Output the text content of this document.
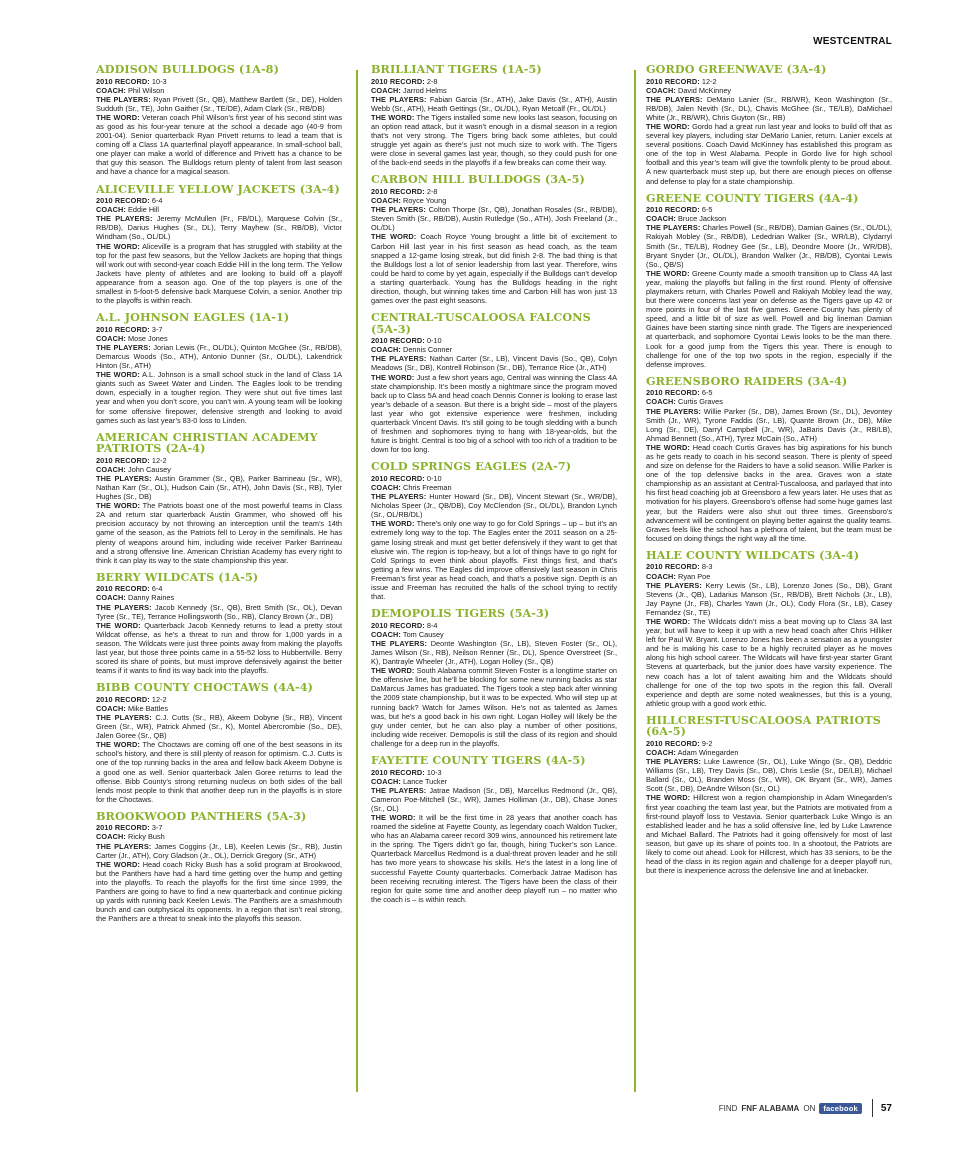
WESTCENTRAL
ADDISON BULLDOGS (1A-8)

2010 RECORD: 10-3

COACH: Phil Wilson

THE PLAYERS: Ryan Privett (Sr., QB), Matthew Bartlett (Sr., DE), Holden Sudduth (Sr., TE), John Gaither (Sr., TE/DE), Adam Clark (Sr., RB/DB)

THE WORD: Veteran coach Phil Wilson’s first year of his second stint was as good as his four-year tenure at the school a decade ago (40-9 from 2001-04). Senior quarterback Ryan Privett returns to lead a team that is coming off a Class 1A quarterfinal playoff appearance. In small-school ball, one player can make a world of difference and Privett has a chance to be that guy this season. The Bulldogs return plenty of talent from last season and have a chance for a magical season.

ALICEVILLE YELLOW JACKETS (3A-4)

2010 RECORD: 6-4

COACH: Eddie Hill

THE PLAYERS: Jeremy McMullen (Fr., FB/DL), Marquese Colvin (Sr., RB/DB), Darius Hughes (Sr., DL), Terry Mayhew (Sr., RB/DB), Victor Windham (So., OL/DL)

THE WORD: Aliceville is a program that has struggled with stability at the top for the past few seasons, but the Yellow Jackets are hoping that things will work out with second-year coach Eddie Hill in the long term. The Yellow Jackets have plenty of athletes and are looking to build off a playoff appearance from a season ago. One of the top players is one of the smallest in 5-foot-5 defensive back Marquese Colvin, a senior. Another trip to the playoffs is within reach.

A.L. JOHNSON EAGLES (1A-1)

2010 RECORD: 3-7

COACH: Mose Jones

THE PLAYERS: Jorian Lewis (Fr., OL/DL), Quinton McGhee (Sr., RB/DB), Demarcus Woods (So., ATH), Antonio Dunner (Sr., OL/DL), Lakendrick Hinton (Sr., ATH)

THE WORD: A.L. Johnson is a small school stuck in the land of Class 1A giants such as Sweet Water and Linden. The Eagles look to be trending down, especially in a tougher region. They were shut out five times last year and when you don’t score, you can’t win. A young team will be looking for some offensive firepower, defensive strength and looking to avoid games such as last year’s 83-0 loss to Linden.

AMERICAN CHRISTIAN ACADEMY PATRIOTS (2A-4)

2010 RECORD: 12-2

COACH: John Causey

THE PLAYERS: Austin Grammer (Sr., QB), Parker Barrineau (Sr., WR), Nathan Karr (Sr., OL), Hudson Cain (Sr., ATH), John Davis (Sr., RB), Tyler Hughes (Sr., DB)

THE WORD: The Patriots boast one of the most powerful teams in Class 2A and return star quarterback Austin Grammer, who showed off his precision accuracy by not throwing an interception until the team’s 14th game of the season, as the Patriots fell to Leroy in the semifinals. He has plenty of weapons around him, including wide receiver Parker Barrineau and a strong offensive line. American Christian Academy has every right to think it can play its way to the state championship this year.

BERRY WILDCATS (1A-5)

2010 RECORD: 6-4

COACH: Danny Raines

THE PLAYERS: Jacob Kennedy (Sr., QB), Brett Smith (Sr., OL), Devan Tyree (Sr., TE), Terrance Hollingsworth (So., RB), Clancy Brown (Jr., DB)

THE WORD: Quarterback Jacob Kennedy returns to lead a pretty stout Wildcat offense, as he’s a threat to run and throw for 1,000 yards in a season. The Wildcats were just three points away from making the playoffs last year, but those three points came in a 55-52 loss to Hubbertville. Berry scored its share of points, but must improve defensively against the better teams if it wants to find its way back into the playoffs.

BIBB COUNTY CHOCTAWS (4A-4)

2010 RECORD: 12-2

COACH: Mike Battles

THE PLAYERS: C.J. Cutts (Sr., RB), Akeem Dobyne (Sr., RB), Vincent Green (Sr., WR), Patrick Ahmed (Sr., K), Montel Abercrombie (So., DE), Jalen Goree (Sr., QB)

THE WORD: The Choctaws are coming off one of the best seasons in its school’s history, and there is still plenty of reason for optimism. C.J. Cutts is one of the top running backs in the area and fellow back Akeem Dobyne is a good one as well. Senior quarterback Jalen Goree returns to lead the offense. Bibb County’s strong returning nucleus on both sides of the ball lends most people to think that another deep run in the playoffs is in store for the Choctaws.

BROOKWOOD PANTHERS (5A-3)

2010 RECORD: 3-7

COACH: Ricky Bush

THE PLAYERS: James Coggins (Jr., LB), Keelen Lewis (Sr., RB), Justin Carter (Jr., ATH), Cory Gladson (Jr., OL), Derrick Gregory (Sr., ATH)

THE WORD: Head coach Ricky Bush has a solid program at Brookwood, but the Panthers have had a hard time getting over the hump and getting into the playoffs. To reach the playoffs for the first time since 1999, the Panthers are going to have to find a new quarterback and continue picking up yards with running back Keelen Lewis. The Panthers are a smashmouth bunch and can outphysical its opponents. In a region that isn’t real strong, the Panthers are a threat to sneak into the playoffs this season.

BRILLIANT TIGERS (1A-5)

2010 RECORD: 2-8

COACH: Jarrod Helms

THE PLAYERS: Fabian Garcia (Sr., ATH), Jake Davis (Sr., ATH), Austin Webb (Sr., ATH), Heath Gettings (Sr., OL/DL), Ryan Metcalf (Fr., OL/DL)

THE WORD: The Tigers installed some new looks last season, focusing on an option read attack, but it wasn’t enough in a dismal season in a region that’s not very strong. The Tigers bring back some athletes, but could struggle yet again as there’s just not much size to work with. The Tigers were close in several games last year, though, so they could push for one of the back-end seeds in the playoffs if a few breaks can come their way.

CARBON HILL BULLDOGS (3A-5)

2010 RECORD: 2-8

COACH: Royce Young

THE PLAYERS: Colton Thorpe (Sr., QB), Jonathan Rosales (Sr., RB/DB), Steven Smith (Sr., RB/DB), Austin Rutledge (So., ATH), Josh Freeland (Jr., OL/DL)

THE WORD: Coach Royce Young brought a little bit of excitement to Carbon Hill last year in his first season as head coach, as the team snapped a 12-game losing streak, but did finish 2-8. The bad thing is that the Bulldogs lost a lot of senior leadership from last year. Therefore, wins could be hard to come by yet again, especially if the Bulldogs can’t develop a starting quarterback. Young has the Bulldogs heading in the right direction, though, but winning takes time and Carbon Hill has won just 13 games over the past eight seasons.

CENTRAL-TUSCALOOSA FALCONS (5A-3)

2010 RECORD: 0-10

COACH: Dennis Conner

THE PLAYERS: Nathan Carter (Sr., LB), Vincent Davis (So., QB), Colyn Meadows (Sr., DB), Kontrell Robinson (Sr., DB), Terrance Rice (Jr., ATH)

THE WORD: Just a few short years ago, Central was winning the Class 4A state championship. It’s been mostly a nightmare since the program moved back up to Class 5A and head coach Dennis Conner is looking to erase last year’s debacle of a season. But there is a bright side – most of the players last year who got extensive experience were freshmen, including quarterback Vincent Davis. It’s still going to be tough sledding with a bunch of freshmen and sophomores trying to hang with 18-year-olds, but the future is bright. Central is too big of a school with too rich of a tradition to be down for too long.

COLD SPRINGS EAGLES (2A-7)

2010 RECORD: 0-10

COACH: Chris Freeman

THE PLAYERS: Hunter Howard (Sr., DB), Vincent Stewart (Sr., WR/DB), Nicholas Speer (Jr., QB/DB), Coy McClendon (Sr., OL/DL), Brandon Lynch (Sr., OL/RB/DL)

THE WORD: There’s only one way to go for Cold Springs – up – but it’s an extremely long way to the top. The Eagles enter the 2011 season on a 25-game losing streak and must get better defensively if they want to get that elusive win. The region is top-heavy, but a lot of things have to go right for Cold Springs to even think about playoffs. First things first, and that’s getting a few wins. The Eagles did improve offensively last season in Chris Freeman’s first year as head coach, and that’s a positive sign. Depth is an issue and Freeman has recruited the halls of the school trying to rectify that.

DEMOPOLIS TIGERS (5A-3)

2010 RECORD: 8-4

COACH: Tom Causey

THE PLAYERS: Deonte Washington (Sr., LB), Steven Foster (Sr., OL), James Wilson (Sr., RB), Neilson Renner (Sr., DL), Spence Overstreet (Sr., K), Dantrayle Wheeler (Jr., ATH), Logan Holley (Sr., QB)

THE WORD: South Alabama commit Steven Foster is a longtime starter on the offensive line, but he’ll be blocking for some new running backs as star DaMarcus James has graduated. The Tigers took a step back after winning the 2009 state championship, but it was to be expected. Who will step up at running back? Watch for James Wilson. He’s not as talented as James was, but he’s a good back in his own right. Logan Holley will likely be the guy under center, but he can also play a number of other positions, including wide receiver. Demopolis is still the class of its region and should challenge for a deep run in the playoffs.

FAYETTE COUNTY TIGERS (4A-5)

2010 RECORD: 10-3

COACH: Lance Tucker

THE PLAYERS: Jatrae Madison (Sr., DB), Marcellus Redmond (Jr., QB), Cameron Poe-Mitchell (Sr., WR), James Holliman (Jr., DB), Chase Jones (Sr., OL)

THE WORD: It will be the first time in 28 years that another coach has roamed the sideline at Fayette County, as legendary coach Waldon Tucker, who has an Alabama career record 309 wins, announced his retirement late in the spring. The Tigers didn’t go far, though, hiring Tucker’s son Lance. Quarterback Marcellus Redmond is a dual-threat proven leader and he still has two more years to showcase his skills. He’s the latest in a long line of successful Fayette County quarterbacks. Cornerback Jatrae Madison has been receiving recruiting interest. The Tigers have been the class of their region for quite some time and another deep playoff run – no matter who the coach is – is within reach.

GORDO GREENWAVE (3A-4)

2010 RECORD: 12-2

COACH: David McKinney

THE PLAYERS: DeMario Lanier (Sr., RB/WR), Keon Washington (Sr., RB/DB), Jalen Nevith (Sr., DL), Chavis McGhee (Sr., TE/LB), DaMichael White (Jr., RB/WR), Chris Guyton (Sr., RB)

THE WORD: Gordo had a great run last year and looks to build off that as several key players, including star DeMario Lanier, return. Lanier excels at several positions. Coach David McKinney has established this program as one of the top in West Alabama. People in Gordo live for high school football and this year’s team will give the townfolk plenty to be proud about. A new quarterback must step up, but there are enough pieces on offense and defense to play for a state championship.

GREENE COUNTY TIGERS (4A-4)

2010 RECORD: 6-5

COACH: Bruce Jackson

THE PLAYERS: Charles Powell (Sr., RB/DB), Damian Gaines (Sr., OL/DL), Rakiyah Mobley (Sr., RB/DB), Lededrian Walker (Sr., WR/LB), Clydarryl Smith (Sr., TE/LB), Rodney Gee (Sr., LB), Deondre Moore (Jr., WR/DB), Bryant Snyder (Jr., OL/DL), Brandon Walker (Jr., RB/DB), Cyontai Lewis (So., QB/S)

THE WORD: Greene County made a smooth transition up to Class 4A last year, making the playoffs but falling in the first round. Plenty of offensive playmakers return, with Charles Powell and Rakiyah Mobley lead the way, but there were concerns last year on defense as the Tigers gave up 42 or more points in four of the last five games. Greene County has plenty of speed, and a little bit of size as well. Powell and big lineman Damian Gaines have been starting since ninth grade. The Tigers are inexperienced at quarterback, and sophomore Cyontai Lewis looks to be the man there. Look for a good jump from the Tigers this year. There is enough to challenge for one of the top two spots in the region, especially if the defense improves.

GREENSBORO RAIDERS (3A-4)

2010 RECORD: 6-5

COACH: Curtis Graves

THE PLAYERS: Willie Parker (Sr., DB), James Brown (Sr., DL), Jevontey Smith (Jr., WR), Tyrone Faddis (Sr., LB), Quante Brown (Jr., DB), Mike Long (Sr., DE), Darryl Campbell (Jr., WR), JaBaris Davis (Jr., RB/LB), Ahmad Bennett (So., ATH), Tyrez McCain (So., ATH)

THE WORD: Head coach Curtis Graves has big aspirations for his bunch as he gets ready to coach in his second season. There is plenty of speed and size on defense for the Raiders to have a solid season. Willie Parker is one of the top defensive backs in the area. Graves won a state championship as an assistant at Central-Tuscaloosa, and parlayed that into his first head coaching job at Greensboro a few years later. He uses that as motivation for his players. Greensboro’s offense had some huge games last year, but the Raiders were also shut out three times. Greensboro’s advancement will be contingent on playing better against the quality teams. Graves feels like the school has a plethora of talent, but the team must be focused on doing things the right way all the time.

HALE COUNTY WILDCATS (3A-4)

2010 RECORD: 8-3

COACH: Ryan Poe

THE PLAYERS: Kerry Lewis (Sr., LB), Lorenzo Jones (So., DB), Grant Stevens (Jr., QB), Ladarius Manson (Sr., RB/DB), Brett Nichols (Jr., LB), Jay Payne (Jr., FB), Charles Yawn (Jr., OL), Cody Flora (Sr., LB), Casey Fernandez (Sr., TE)

THE WORD: The Wildcats didn’t miss a beat moving up to Class 3A last year, but will have to keep it up with a new head coach after Chris Hilliker left for Paul W. Bryant. Lorenzo Jones has been a sensation as a youngster and he is making his case to be a highly recruited player as he moves along his high school career. The Wildcats will have first-year starter Grant Stevens at quarterback, but the junior does have varsity experience. The new coach has a lot of talent awaiting him and the Wildcats should challenge for one of the top two spots in the region this fall. Overall experience and depth are some noted weaknesses, but this is a young, athletic group with a good work ethic.

HILLCREST-TUSCALOOSA PATRIOTS (6A-5)

2010 RECORD: 9-2

COACH: Adam Winegarden

THE PLAYERS: Luke Lawrence (Sr., OL), Luke Wingo (Sr., QB), Deddric Williams (Sr., LB), Trey Davis (Sr., DB), Chris Leslie (Sr., DE/LB), Michael Ballard (Sr., OL), Branden Moss (Sr., WR), OK Bryant (Sr., WR), James Scott (Sr., DB), DeAndre Wilson (Sr., OL)

THE WORD: Hillcrest won a region championship in Adam Winegarden’s first year coaching the team last year, but the Patriots are motivated from a first-round playoff loss to Vestavia. Senior quarterback Luke Wingo is an established leader and he has a solid offensive line, led by Luke Lawrence and Michael Ballard. The Patriots had it going offensively for most of last season, but gave up its share of points too. In a shootout, the Patriots are likely to come out ahead. Look for Hillcrest, which has 33 seniors, to be the head of the class in its region again and challenge for a deeper playoff run, but there is inexperience across the defensive line and at linebacker.

FIND FNF ALABAMA ON	facebook	57
